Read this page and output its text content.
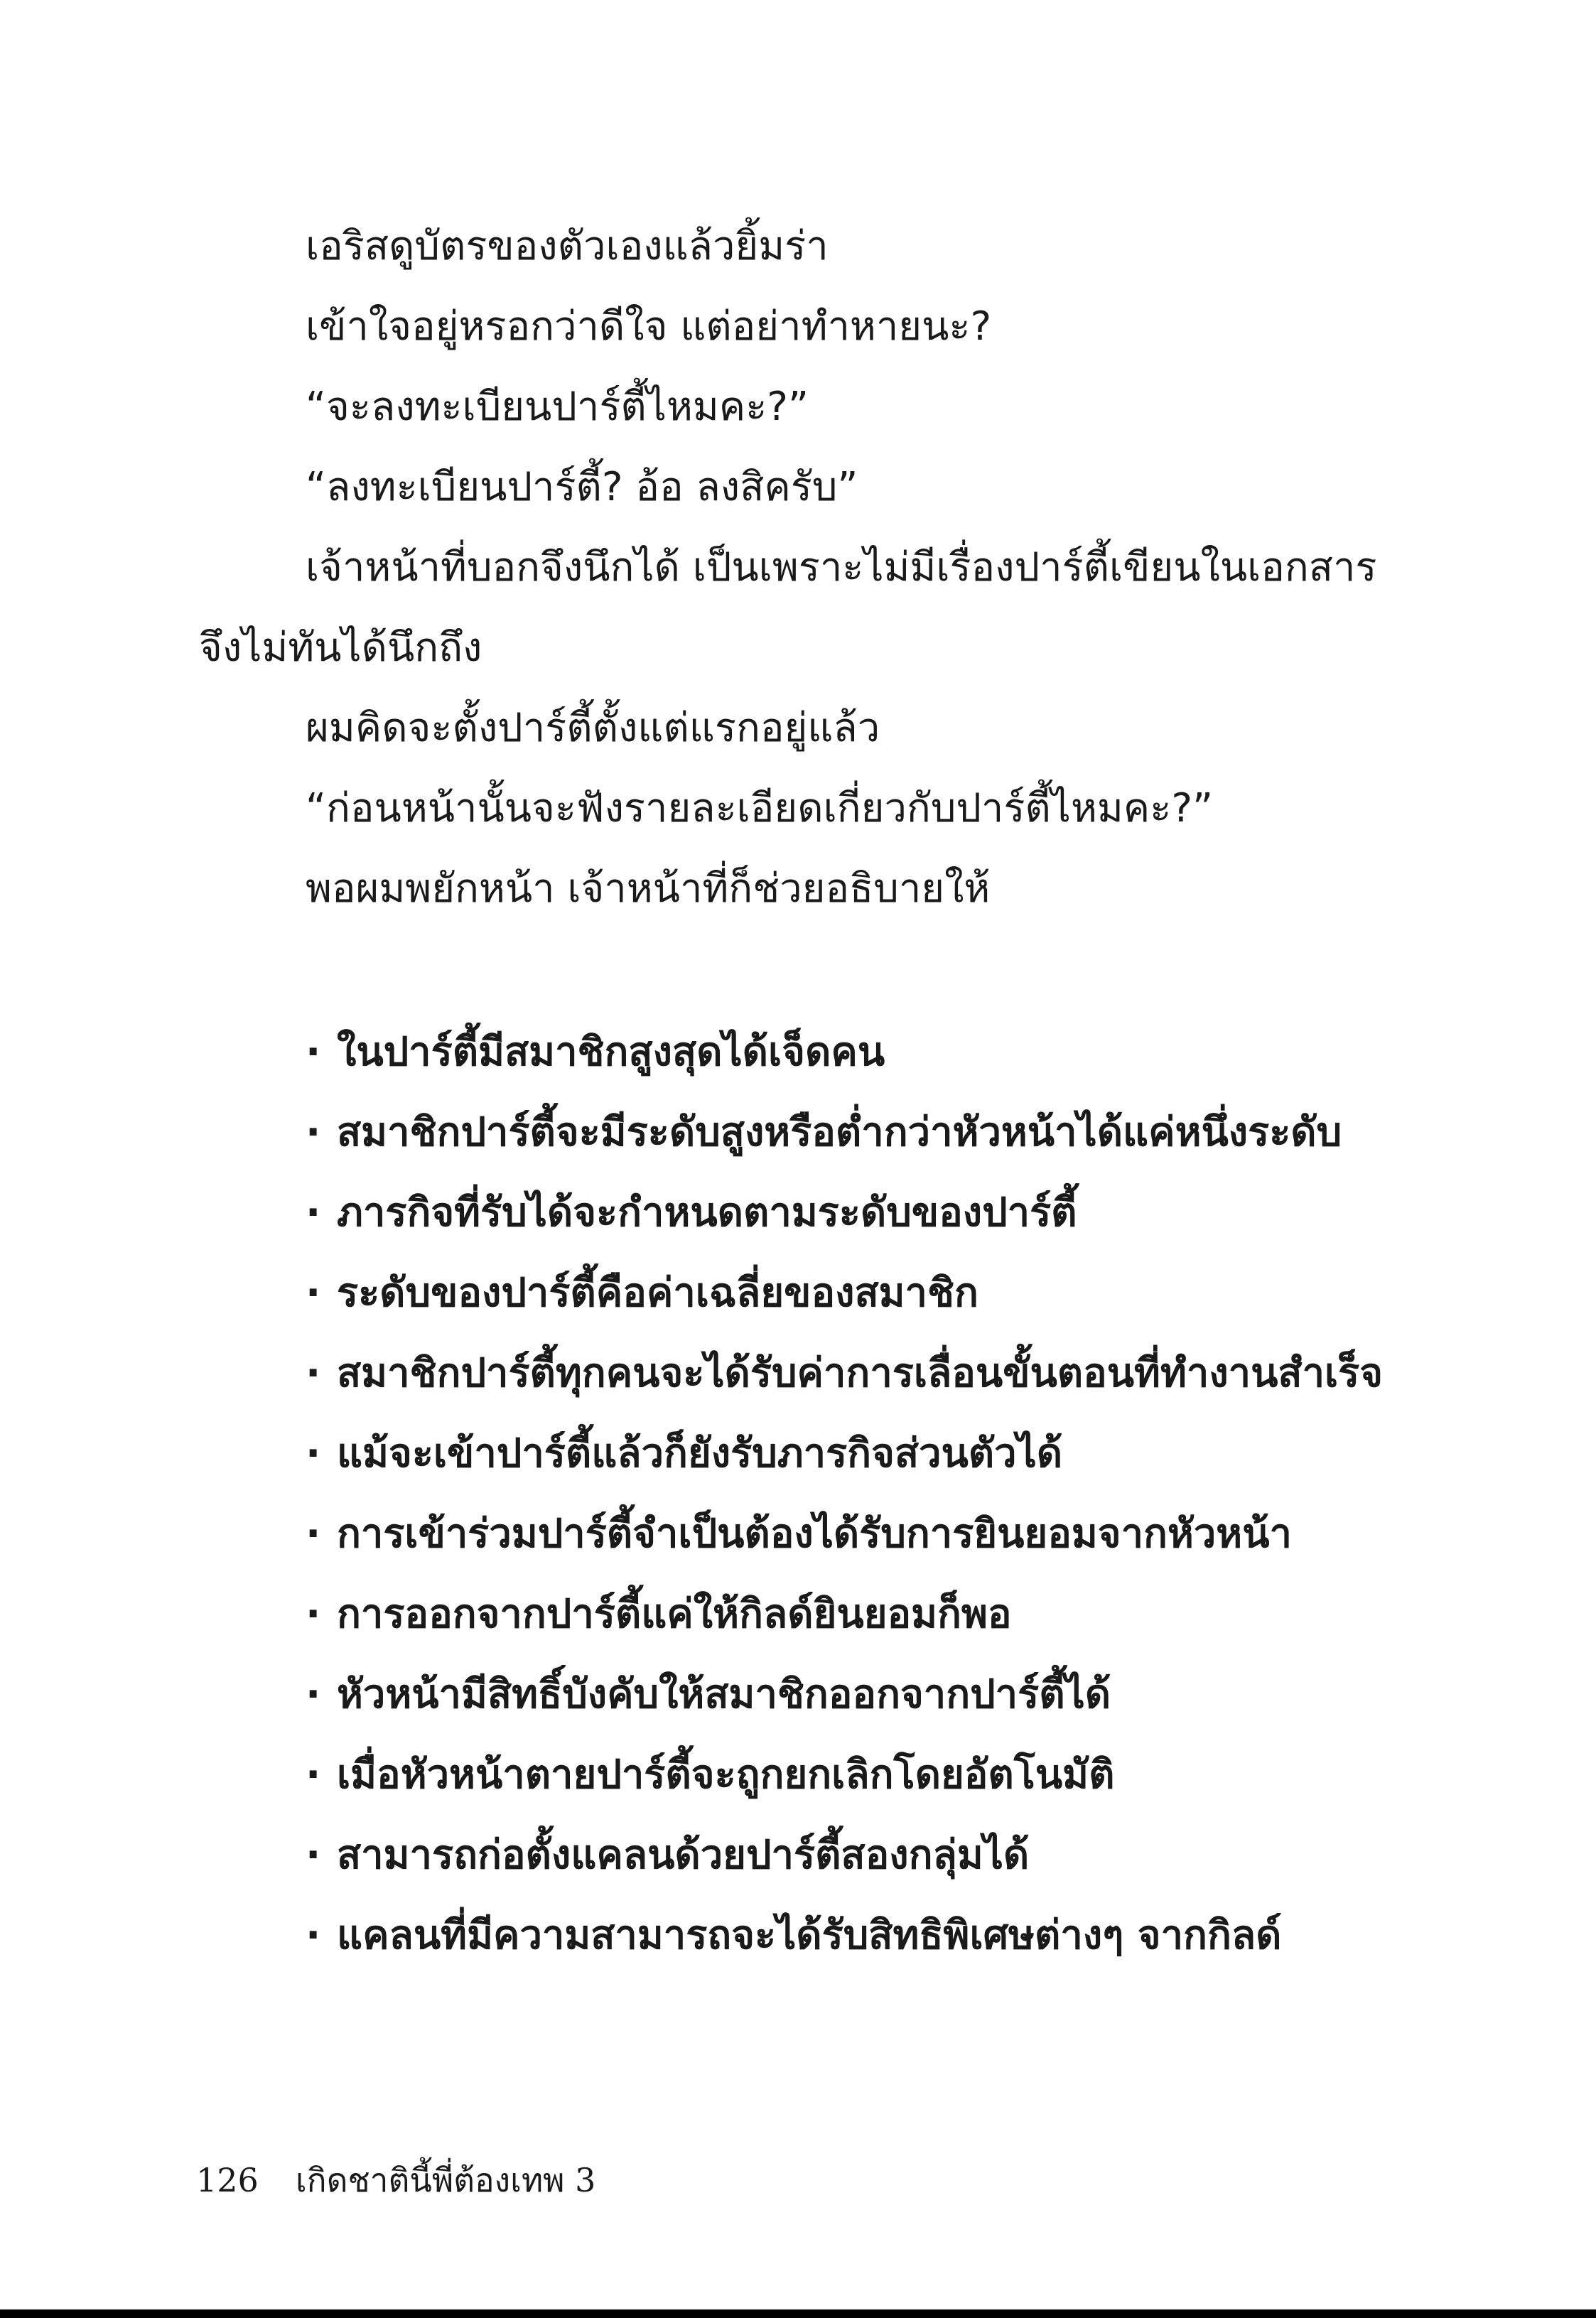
เอริสดูบัตรของตัวเองแล้วยิ้มร่า
เข้าใจอยู่หรอกว่าดีใจ แต่อย่าทำหายนะ?
“จะลงทะเบียนปาร์ตี้ไหมคะ?”
“ลงทะเบียนปาร์ตี้? อ้อ ลงสิครับ”
เจ้าหน้าที่บอกจึงนึกได้ เป็นเพราะไม่มีเรื่องปาร์ตี้เขียนในเอกสาร
จึงไม่ทันได้นึกถึง
ผมคิดจะตั้งปาร์ตี้ตั้งแต่แรกอยู่แล้ว
“ก่อนหน้านั้นจะฟังรายละเอียดเกี่ยวกับปาร์ตี้ไหมคะ?”
พอผมพยักหน้า เจ้าหน้าที่ก็ช่วยอธิบายให้
· ในปาร์ตี้มีสมาชิกสูงสุดได้เจ็ดคน
· สมาชิกปาร์ตี้จะมีระดับสูงหรือต่ำกว่าหัวหน้าได้แค่หนึ่งระดับ
· ภารกิจที่รับได้จะกำหนดตามระดับของปาร์ตี้
· ระดับของปาร์ตี้คือค่าเฉลี่ยของสมาชิก
· สมาชิกปาร์ตี้ทุกคนจะได้รับค่าการเลื่อนขั้นตอนที่ทำงานสำเร็จ
· แม้จะเข้าปาร์ตี้แล้วก็ยังรับภารกิจส่วนตัวได้
· การเข้าร่วมปาร์ตี้จำเป็นต้องได้รับการยินยอมจากหัวหน้า
· การออกจากปาร์ตี้แค่ให้กิลด์ยินยอมก็พอ
· หัวหน้ามีสิทธิ์บังคับให้สมาชิกออกจากปาร์ตี้ได้
· เมื่อหัวหน้าตายปาร์ตี้จะถูกยกเลิกโดยอัตโนมัติ
· สามารถก่อตั้งแคลนด้วยปาร์ตี้สองกลุ่มได้
· แคลนที่มีความสามารถจะได้รับสิทธิพิเศษต่างๆ จากกิลด์
126 เกิดชาตินี้พี่ต้องเทพ 3
